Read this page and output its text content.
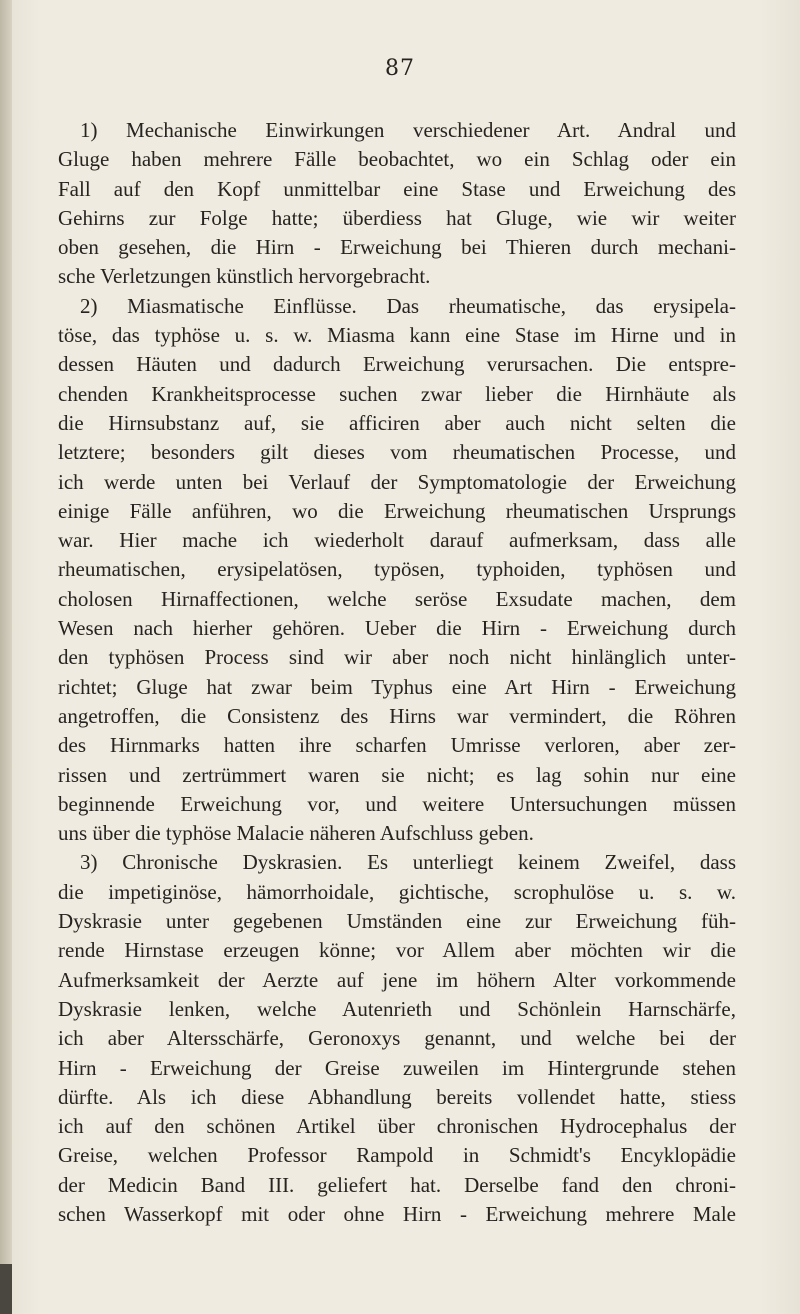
87
1) Mechanische Einwirkungen verschiedener Art. Andral und
Gluge haben mehrere Fälle beobachtet, wo ein Schlag oder ein
Fall auf den Kopf unmittelbar eine Stase und Erweichung des
Gehirns zur Folge hatte; überdiess hat Gluge, wie wir weiter
oben gesehen, die Hirn - Erweichung bei Thieren durch mechani-
sche Verletzungen künstlich hervorgebracht.
2) Miasmatische Einflüsse. Das rheumatische, das erysipela-
töse, das typhöse u. s. w. Miasma kann eine Stase im Hirne und in
dessen Häuten und dadurch Erweichung verursachen. Die entspre-
chenden Krankheitsprocesse suchen zwar lieber die Hirnhäute als
die Hirnsubstanz auf, sie afficiren aber auch nicht selten die
letztere; besonders gilt dieses vom rheumatischen Processe, und
ich werde unten bei Verlauf der Symptomatologie der Erweichung
einige Fälle anführen, wo die Erweichung rheumatischen Ursprungs
war. Hier mache ich wiederholt darauf aufmerksam, dass alle
rheumatischen, erysipelatösen, typösen, typhoiden, typhösen und
cholosen Hirnaffectionen, welche seröse Exsudate machen, dem
Wesen nach hierher gehören. Ueber die Hirn - Erweichung durch
den typhösen Process sind wir aber noch nicht hinlänglich unter-
richtet; Gluge hat zwar beim Typhus eine Art Hirn - Erweichung
angetroffen, die Consistenz des Hirns war vermindert, die Röhren
des Hirnmarks hatten ihre scharfen Umrisse verloren, aber zer-
rissen und zertrümmert waren sie nicht; es lag sohin nur eine
beginnende Erweichung vor, und weitere Untersuchungen müssen
uns über die typhöse Malacie näheren Aufschluss geben.
3) Chronische Dyskrasien. Es unterliegt keinem Zweifel, dass
die impetiginöse, hämorrhoidale, gichtische, scrophulöse u. s. w.
Dyskrasie unter gegebenen Umständen eine zur Erweichung füh-
rende Hirnstase erzeugen könne; vor Allem aber möchten wir die
Aufmerksamkeit der Aerzte auf jene im höhern Alter vorkommende
Dyskrasie lenken, welche Autenrieth und Schönlein Harnschärfe,
ich aber Altersschärfe, Geronoxys genannt, und welche bei der
Hirn - Erweichung der Greise zuweilen im Hintergrunde stehen
dürfte. Als ich diese Abhandlung bereits vollendet hatte, stiess
ich auf den schönen Artikel über chronischen Hydrocephalus der
Greise, welchen Professor Rampold in Schmidt's Encyklopädie
der Medicin Band III. geliefert hat. Derselbe fand den chroni-
schen Wasserkopf mit oder ohne Hirn - Erweichung mehrere Male
